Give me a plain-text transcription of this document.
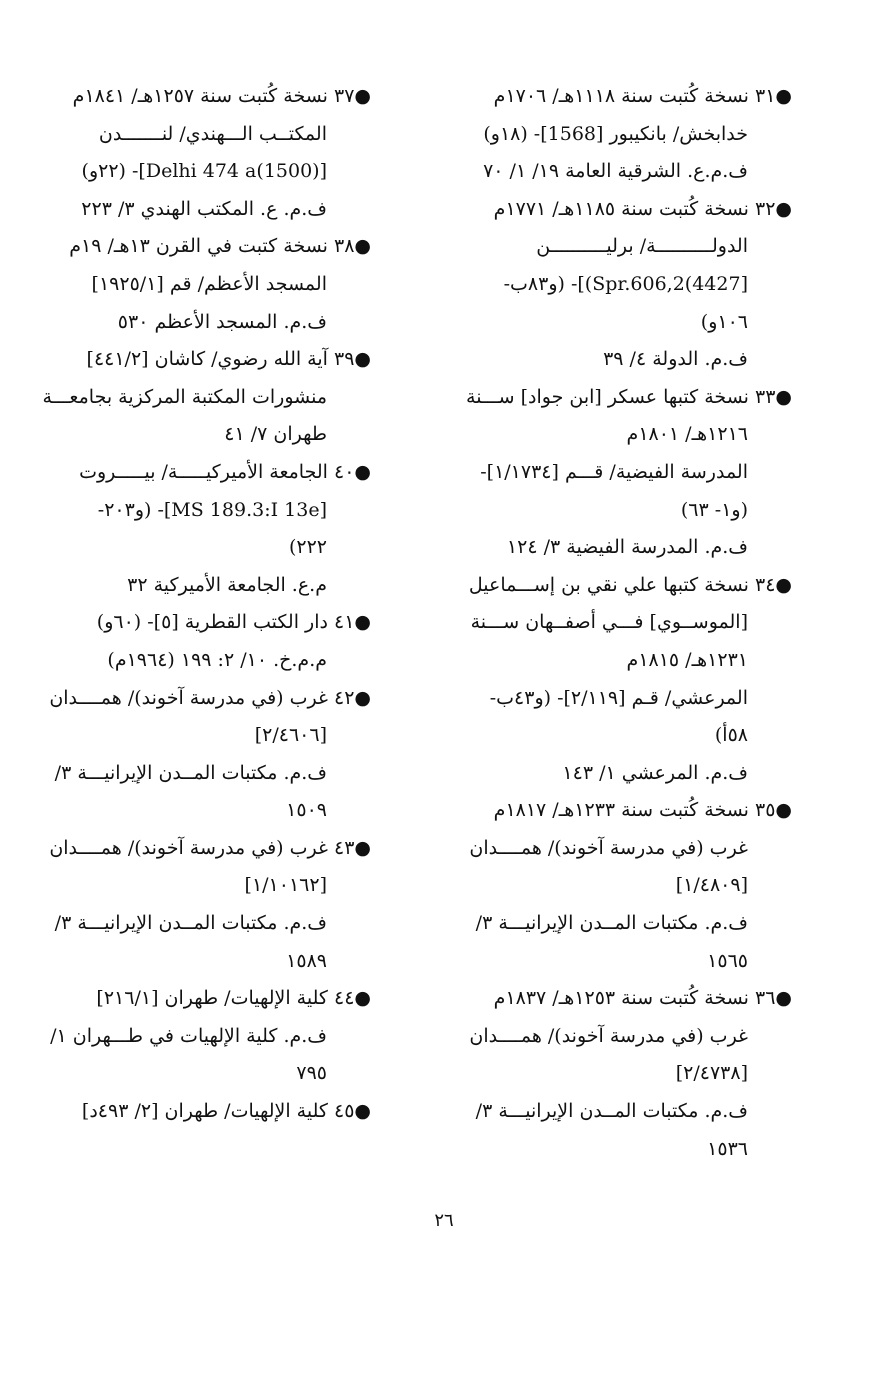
●٣١ نسخة كُتبت سنة ١١١٨هـ/ ١٧٠٦م
خدابخش/ بانكيبور [1568]- (١٨و)
ف.م.ع. الشرقية العامة ١٩/ ١/ ٧٠
●٣٢ نسخة كُتبت سنة ١١٨٥هـ/ ١٧٧١م
الدولــــــــــة/ برليــــــــــن
[4427)Spr.606,2)]- (و٨٣ب-
١٠٦و)
ف.م. الدولة ٤/ ٣٩
●٣٣ نسخة كتبها عسكر [ابن جواد] ســـنة
١٢١٦هـ/ ١٨٠١م
المدرسة الفيضية/ قـــم [١/١٧٣٤]-
(و١- ٦٣)
ف.م. المدرسة الفيضية ٣/ ١٢٤
●٣٤ نسخة كتبها علي نقي بن إســـماعيل
[الموســوي] فـــي أصفــهان ســـنة
١٢٣١هـ/ ١٨١٥م
المرعشي/ قـم [٢/١١٩]- (و٤٣ب-
٥٨أ)
ف.م. المرعشي ١/ ١٤٣
●٣٥ نسخة كُتبت سنة ١٢٣٣هـ/ ١٨١٧م
غرب (في مدرسة آخوند)/ همــــدان
[١/٤٨٠٩]
ف.م. مكتبات المــدن الإيرانيـــة ٣/
١٥٦٥
●٣٦ نسخة كُتبت سنة ١٢٥٣هـ/ ١٨٣٧م
غرب (في مدرسة آخوند)/ همــــدان
[٢/٤٧٣٨]
ف.م. مكتبات المــدن الإيرانيـــة ٣/
١٥٣٦
●٣٧ نسخة كُتبت سنة ١٢٥٧هـ/ ١٨٤١م
المكتــب الـــهندي/ لنـــــــدن
[(1500)Delhi 474 a]- (٢٢و)
ف.م. ع. المكتب الهندي ٣/ ٢٢٣
●٣٨ نسخة كتبت في القرن ١٣هـ/ ١٩م
المسجد الأعظم/ قم [١٩٢٥/١]
ف.م. المسجد الأعظم ٥٣٠
●٣٩ آية الله رضوي/ كاشان [٤٤١/٢]
منشورات المكتبة المركزية بجامعـــة
طهران ٧/ ٤١
●٤٠ الجامعة الأميركيـــــة/ بيـــــروت
[MS 189.3:I 13e]- (و٢٠٣-
٢٢٢)
م.ع. الجامعة الأميركية ٣٢
●٤١ دار الكتب القطرية [٥]- (٦٠و)
م.م.خ. ١٠/ ٢: ١٩٩ (١٩٦٤م)
●٤٢ غرب (في مدرسة آخوند)/ همــــدان
[٢/٤٦٠٦]
ف.م. مكتبات المــدن الإيرانيـــة ٣/
١٥٠٩
●٤٣ غرب (في مدرسة آخوند)/ همــــدان
[١/١٠١٦٢]
ف.م. مكتبات المــدن الإيرانيـــة ٣/
١٥٨٩
●٤٤ كلية الإلهيات/ طهران [٢١٦/١]
ف.م. كلية الإلهيات في طـــهران ١/
٧٩٥
●٤٥ كلية الإلهيات/ طهران [٢/ ٤٩٣د]
٢٦
